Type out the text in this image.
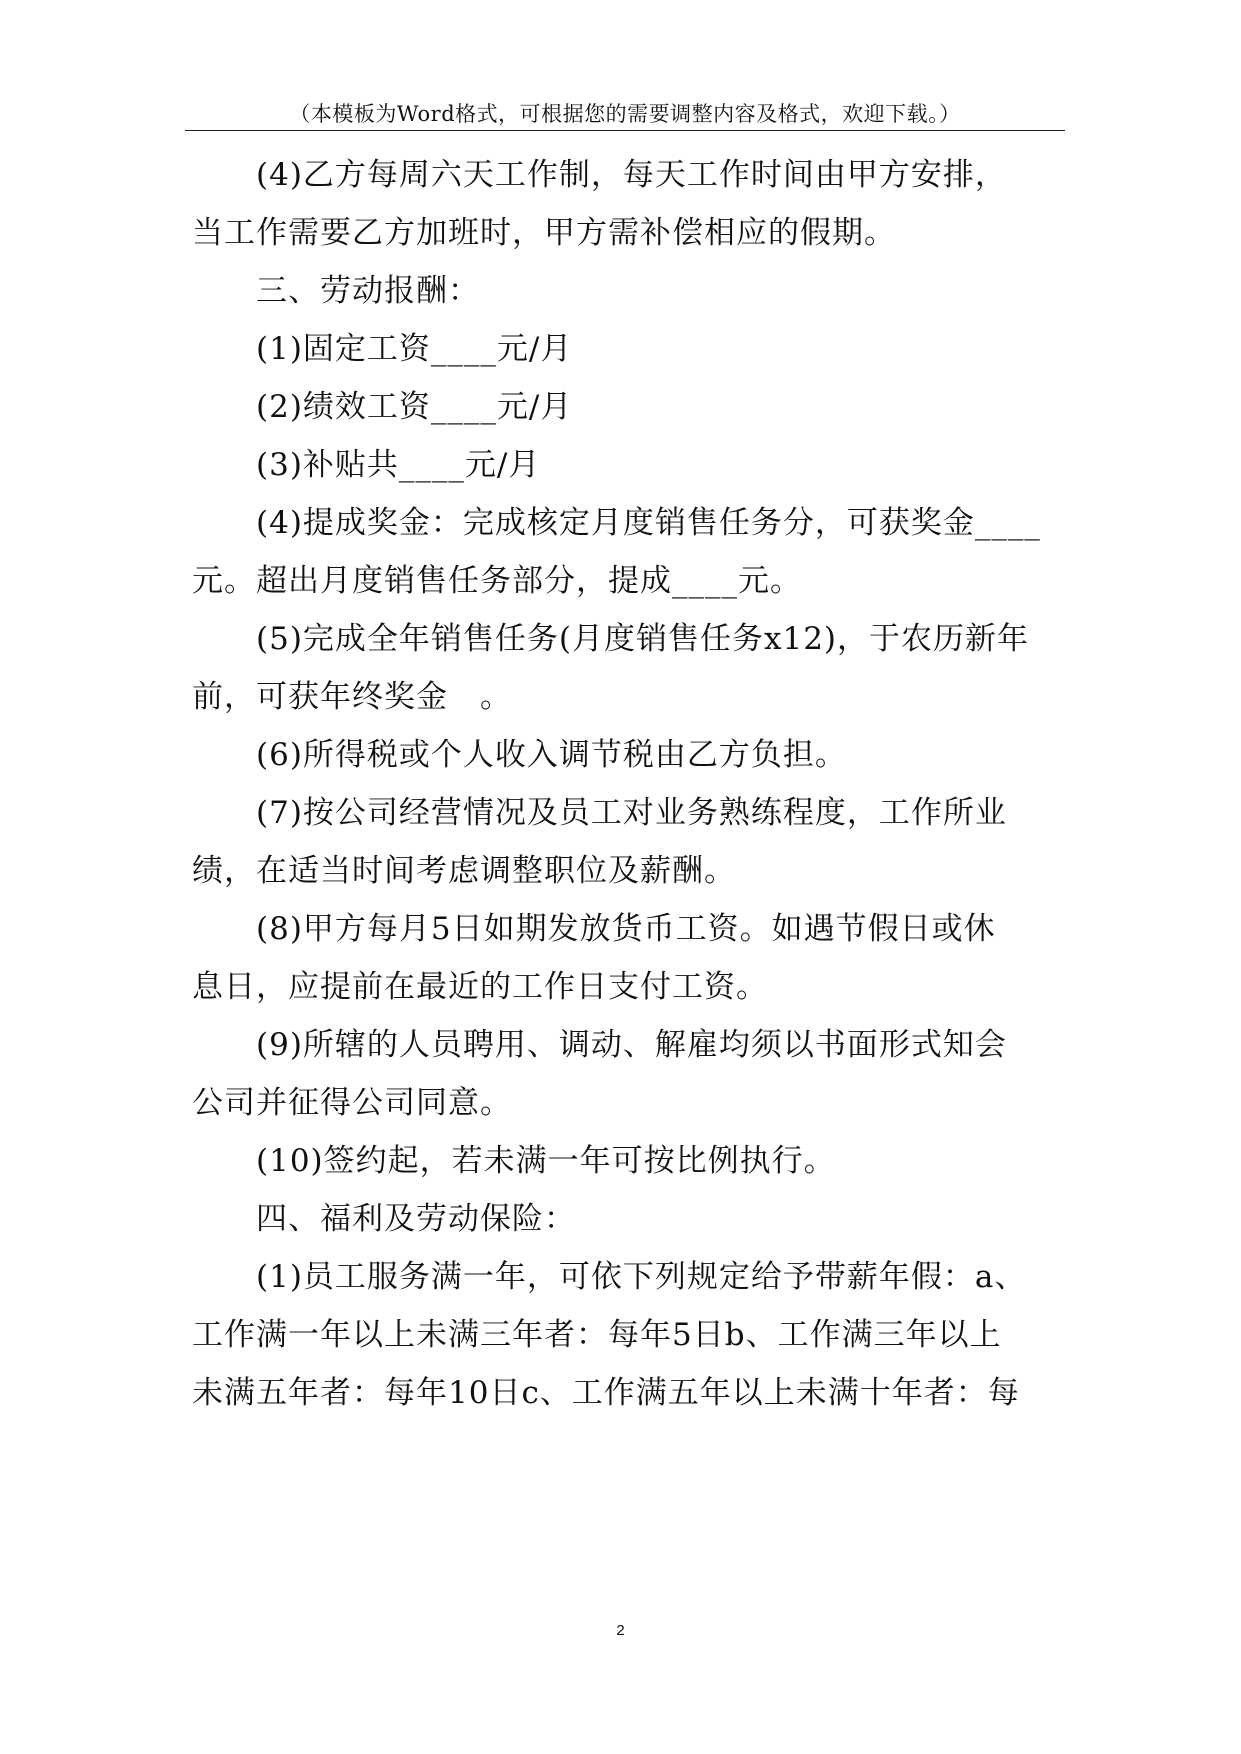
（本模板为Word格式，可根据您的需要调整内容及格式，欢迎下载。）
(4)乙方每周六天工作制，每天工作时间由甲方安排，
当工作需要乙方加班时，甲方需补偿相应的假期。
三、劳动报酬：
(1)固定工资____元/月
(2)绩效工资____元/月
(3)补贴共____元/月
(4)提成奖金：完成核定月度销售任务分，可获奖金____
元。超出月度销售任务部分，提成____元。
(5)完成全年销售任务(月度销售任务x12)，于农历新年
前，可获年终奖金　。
(6)所得税或个人收入调节税由乙方负担。
(7)按公司经营情况及员工对业务熟练程度，工作所业
绩，在适当时间考虑调整职位及薪酬。
(8)甲方每月5日如期发放货币工资。如遇节假日或休
息日，应提前在最近的工作日支付工资。
(9)所辖的人员聘用、调动、解雇均须以书面形式知会
公司并征得公司同意。
(10)签约起，若未满一年可按比例执行。
四、福利及劳动保险：
(1)员工服务满一年，可依下列规定给予带薪年假：a、
工作满一年以上未满三年者：每年5日b、工作满三年以上
未满五年者：每年10日c、工作满五年以上未满十年者：每
2
